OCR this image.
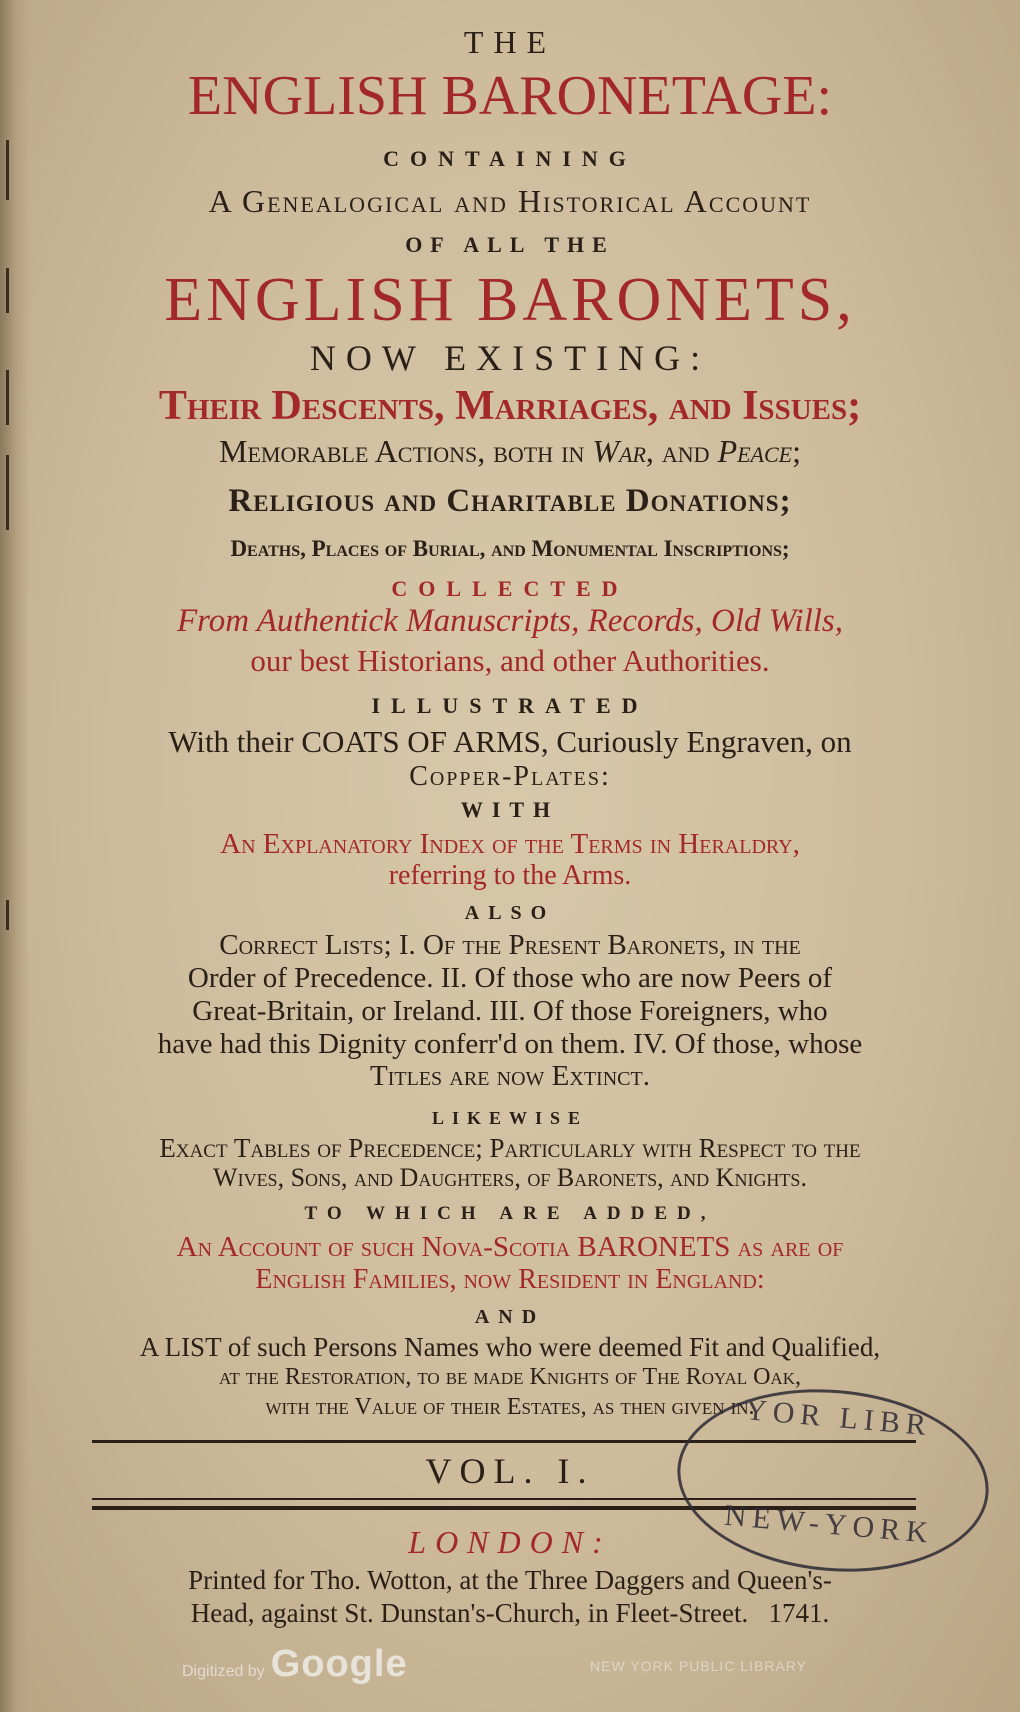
THE
ENGLISH BARONETAGE:
CONTAINING
A Genealogical and Historical Account
OF ALL THE
ENGLISH BARONETS,
NOW EXISTING:
Their Descents, Marriages, and Issues;
Memorable Actions, both in War, and Peace;
Religious and Charitable Donations;
Deaths, Places of Burial, and Monumental Inscriptions;
COLLECTED
From Authentick Manuscripts, Records, Old Wills,
our best Historians, and other Authorities.
ILLUSTRATED
With their COATS OF ARMS, Curiously Engraven, on
Copper-Plates:
WITH
An Explanatory Index of the Terms in Heraldry,
referring to the Arms.
ALSO
Correct Lists; I. Of the Present Baronets, in the
Order of Precedence. II. Of those who are now Peers of
Great-Britain, or Ireland. III. Of those Foreigners, who
have had this Dignity conferr'd on them. IV. Of those, whose
Titles are now Extinct.
LIKEWISE
Exact Tables of Precedence; Particularly with Respect to the
Wives, Sons, and Daughters, of Baronets, and Knights.
TO WHICH ARE ADDED,
An Account of such Nova-Scotia BARONETS as are of
English Families, now Resident in England:
AND
A LIST of such Persons Names who were deemed Fit and Qualified,
at the Restoration, to be made Knights of The Royal Oak,
with the Value of their Estates, as then given in.
VOL. I.
LONDON:
Printed for Tho. Wotton, at the Three Daggers and Queen's-
Head, against St. Dunstan's-Church, in Fleet-Street. 1741.
YOR LIBR
NEW-YORK
Digitized by Google	NEW YORK PUBLIC LIBRARY
